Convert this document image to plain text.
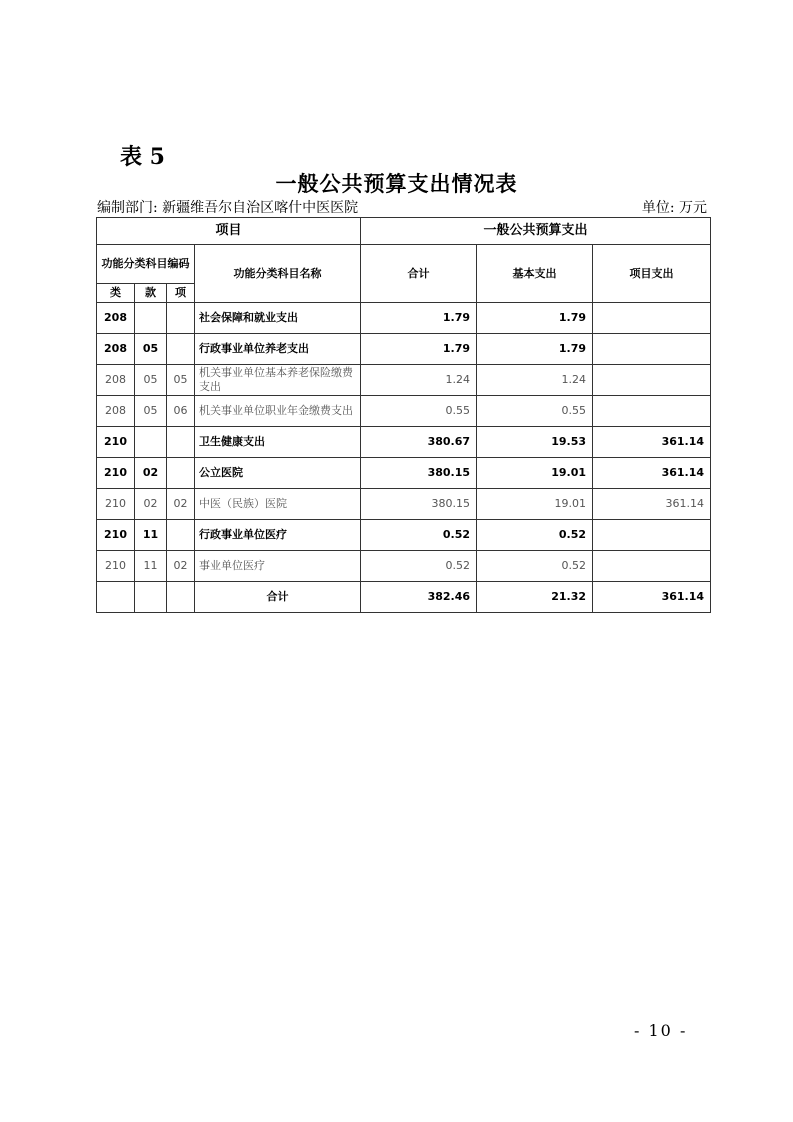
表 5
一般公共预算支出情况表
编制部门: 新疆维吾尔自治区喀什中医医院	单位: 万元
项目				一般公共预算支出		
功能分类科目编码			功能分类科目名称	合计	基本支出	项目支出
类	款	项				
208			社会保障和就业支出	1.79	1.79	
208	05		行政事业单位养老支出	1.79	1.79	
208	05	05	机关事业单位基本养老保险缴费支出	1.24	1.24	
208	05	06	机关事业单位职业年金缴费支出	0.55	0.55	
210			卫生健康支出	380.67	19.53	361.14
210	02		公立医院	380.15	19.01	361.14
210	02	02	中医（民族）医院	380.15	19.01	361.14
210	11		行政事业单位医疗	0.52	0.52	
210	11	02	事业单位医疗	0.52	0.52	
			合计	382.46	21.32	361.14
- 10 -
